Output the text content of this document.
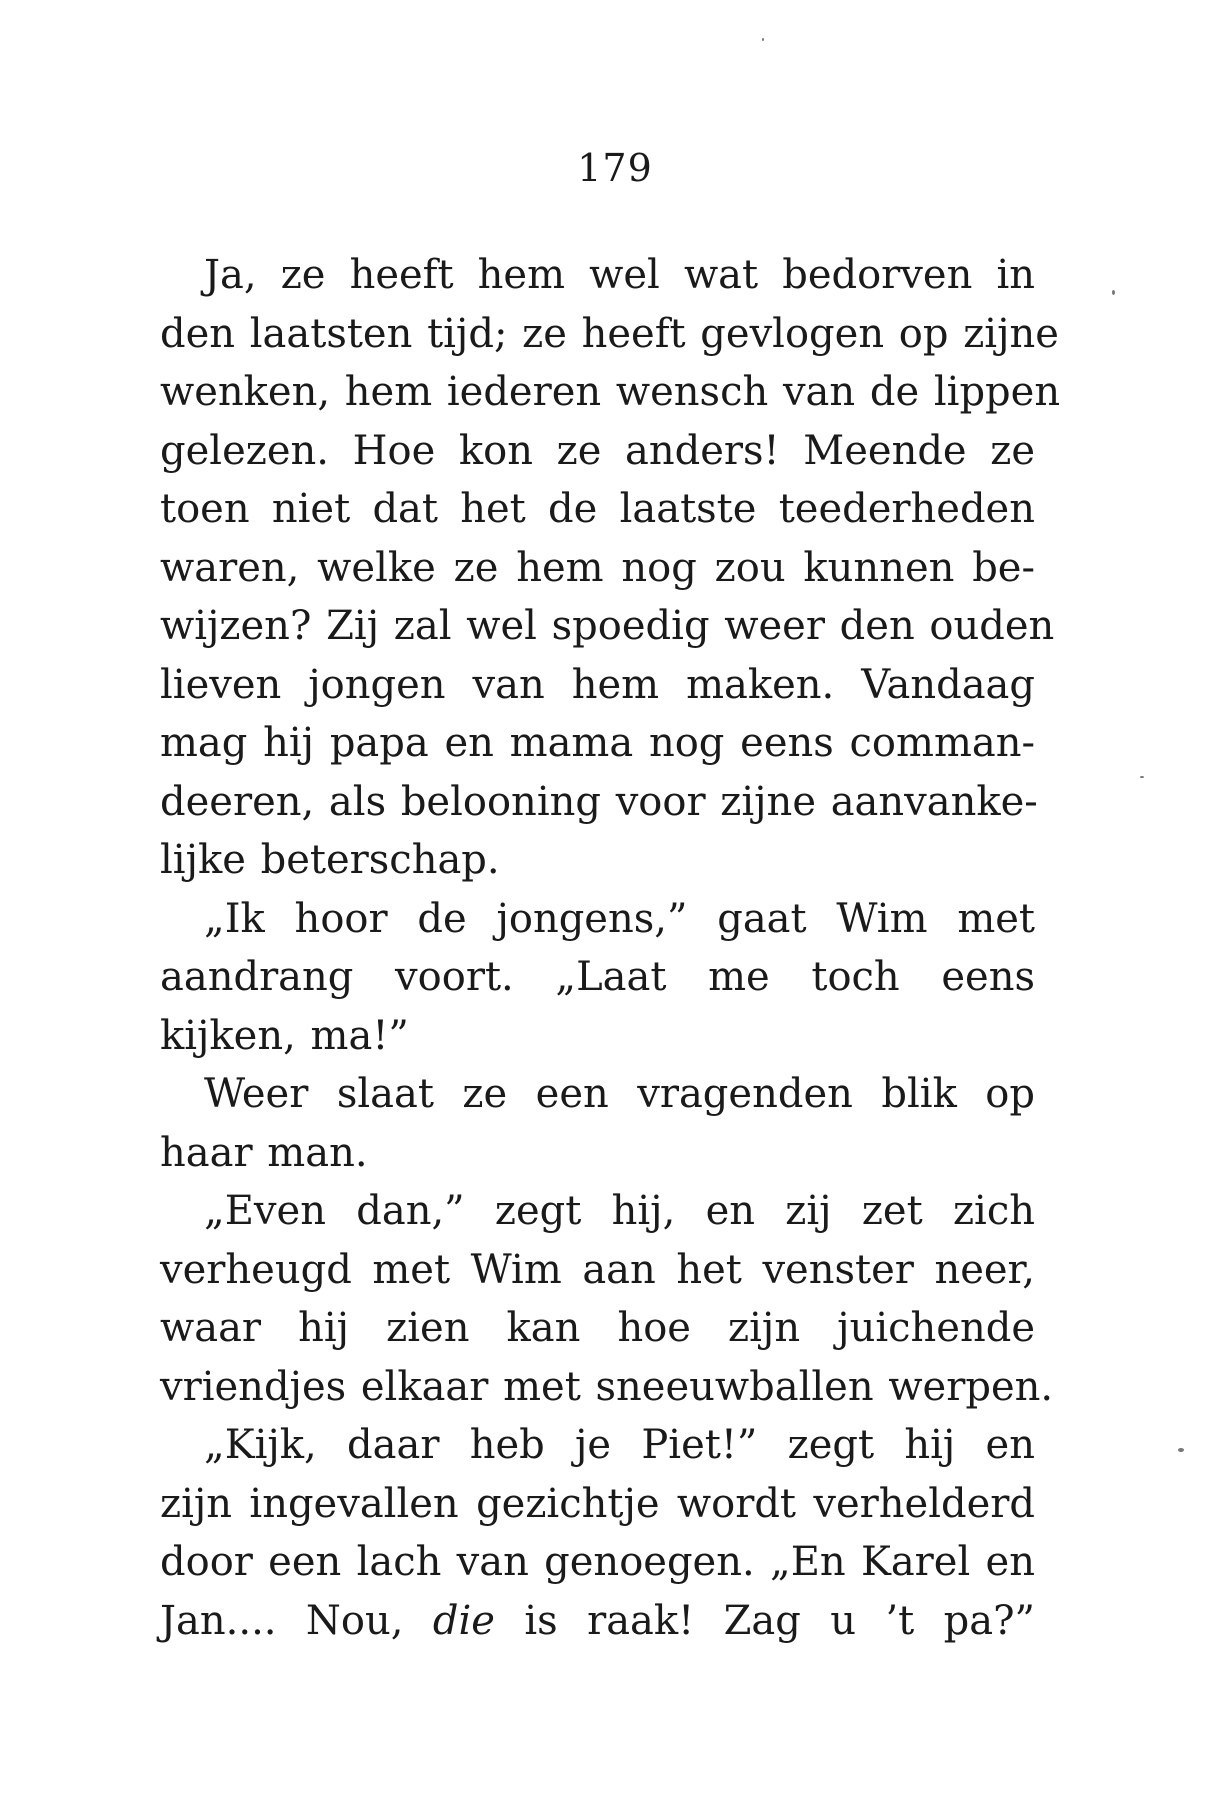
179
Ja, ze heeft hem wel wat bedorven in
den laatsten tijd; ze heeft gevlogen op zijne
wenken, hem iederen wensch van de lippen
gelezen. Hoe kon ze anders! Meende ze
toen niet dat het de laatste teederheden
waren, welke ze hem nog zou kunnen be-
wijzen? Zij zal wel spoedig weer den ouden
lieven jongen van hem maken. Vandaag
mag hij papa en mama nog eens comman-
deeren, als belooning voor zijne aanvanke-
lijke beterschap.
„Ik hoor de jongens,” gaat Wim met
aandrang voort. „Laat me toch eens
kijken, ma!”
Weer slaat ze een vragenden blik op
haar man.
„Even dan,” zegt hij, en zij zet zich
verheugd met Wim aan het venster neer,
waar hij zien kan hoe zijn juichende
vriendjes elkaar met sneeuwballen werpen.
„Kijk, daar heb je Piet!” zegt hij en
zijn ingevallen gezichtje wordt verhelderd
door een lach van genoegen. „En Karel en
Jan.... Nou, die is raak! Zag u ’t pa?”
